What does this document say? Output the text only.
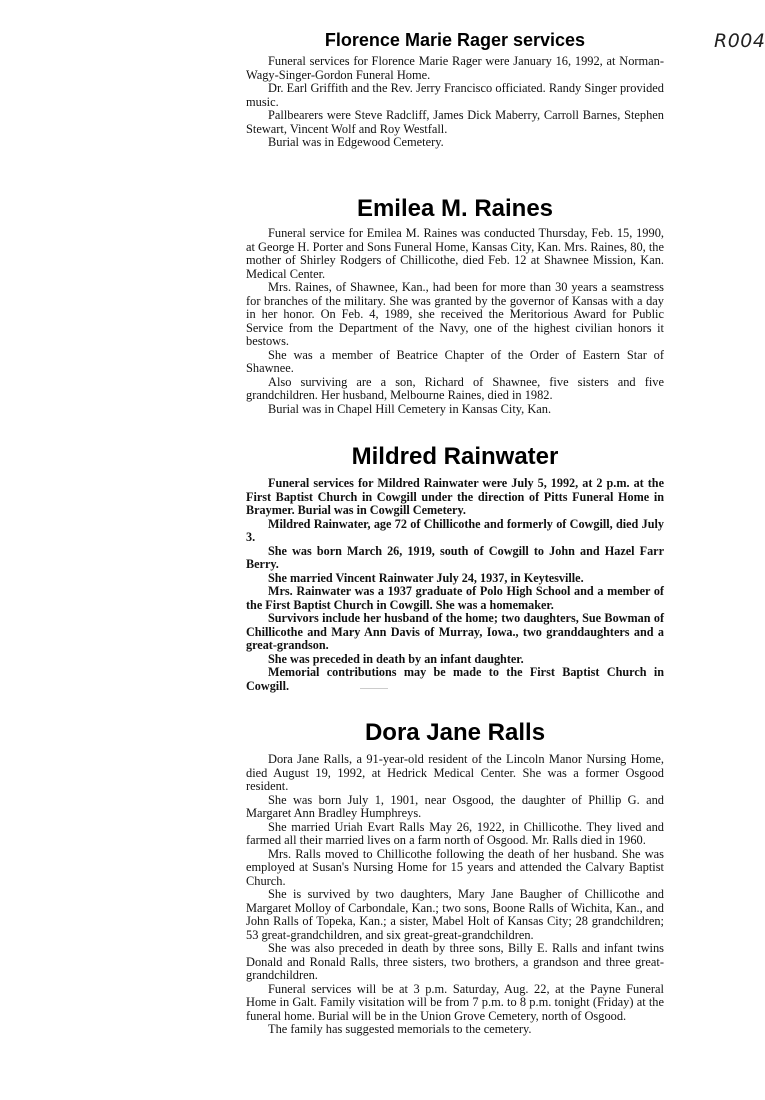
R004
Florence Marie Rager services

Funeral services for Florence Marie Rager were January 16, 1992, at Norman-Wagy-Singer-Gordon Funeral Home.

Dr. Earl Griffith and the Rev. Jerry Francisco officiated. Randy Singer provided music.

Pallbearers were Steve Radcliff, James Dick Maberry, Carroll Barnes, Stephen Stewart, Vincent Wolf and Roy Westfall.

Burial was in Edgewood Cemetery.

Emilea M. Raines

Funeral service for Emilea M. Raines was conducted Thursday, Feb. 15, 1990, at George H. Porter and Sons Funeral Home, Kansas City, Kan. Mrs. Raines, 80, the mother of Shirley Rodgers of Chillicothe, died Feb. 12 at Shawnee Mission, Kan. Medical Center.

Mrs. Raines, of Shawnee, Kan., had been for more than 30 years a seamstress for branches of the military. She was granted by the governor of Kansas with a day in her honor. On Feb. 4, 1989, she received the Meritorious Award for Public Service from the Department of the Navy, one of the highest civilian honors it bestows.

She was a member of Beatrice Chapter of the Order of Eastern Star of Shawnee.

Also surviving are a son, Richard of Shawnee, five sisters and five grandchildren. Her husband, Melbourne Raines, died in 1982.

Burial was in Chapel Hill Cemetery in Kansas City, Kan.

Mildred Rainwater

Funeral services for Mildred Rainwater were July 5, 1992, at 2 p.m. at the First Baptist Church in Cowgill under the direction of Pitts Funeral Home in Braymer. Burial was in Cowgill Cemetery.

Mildred Rainwater, age 72 of Chillicothe and formerly of Cowgill, died July 3.

She was born March 26, 1919, south of Cowgill to John and Hazel Farr Berry.

She married Vincent Rainwater July 24, 1937, in Keytesville.

Mrs. Rainwater was a 1937 graduate of Polo High School and a member of the First Baptist Church in Cowgill. She was a homemaker.

Survivors include her husband of the home; two daughters, Sue Bowman of Chillicothe and Mary Ann Davis of Murray, Iowa., two granddaughters and a great-grandson.

She was preceded in death by an infant daughter.

Memorial contributions may be made to the First Baptist Church in Cowgill.

Dora Jane Ralls

Dora Jane Ralls, a 91-year-old resident of the Lincoln Manor Nursing Home, died August 19, 1992, at Hedrick Medical Center. She was a former Osgood resident.

She was born July 1, 1901, near Osgood, the daughter of Phillip G. and Margaret Ann Bradley Humphreys.

She married Uriah Evart Ralls May 26, 1922, in Chillicothe. They lived and farmed all their married lives on a farm north of Osgood. Mr. Ralls died in 1960.

Mrs. Ralls moved to Chillicothe following the death of her husband. She was employed at Susan's Nursing Home for 15 years and attended the Calvary Baptist Church.

She is survived by two daughters, Mary Jane Baugher of Chillicothe and Margaret Molloy of Carbondale, Kan.; two sons, Boone Ralls of Wichita, Kan., and John Ralls of Topeka, Kan.; a sister, Mabel Holt of Kansas City; 28 grandchildren; 53 great-grandchildren, and six great-great-grandchildren.

She was also preceded in death by three sons, Billy E. Ralls and infant twins Donald and Ronald Ralls, three sisters, two brothers, a grandson and three great-grandchildren.

Funeral services will be at 3 p.m. Saturday, Aug. 22, at the Payne Funeral Home in Galt. Family visitation will be from 7 p.m. to 8 p.m. tonight (Friday) at the funeral home. Burial will be in the Union Grove Cemetery, north of Osgood.

The family has suggested memorials to the cemetery.
